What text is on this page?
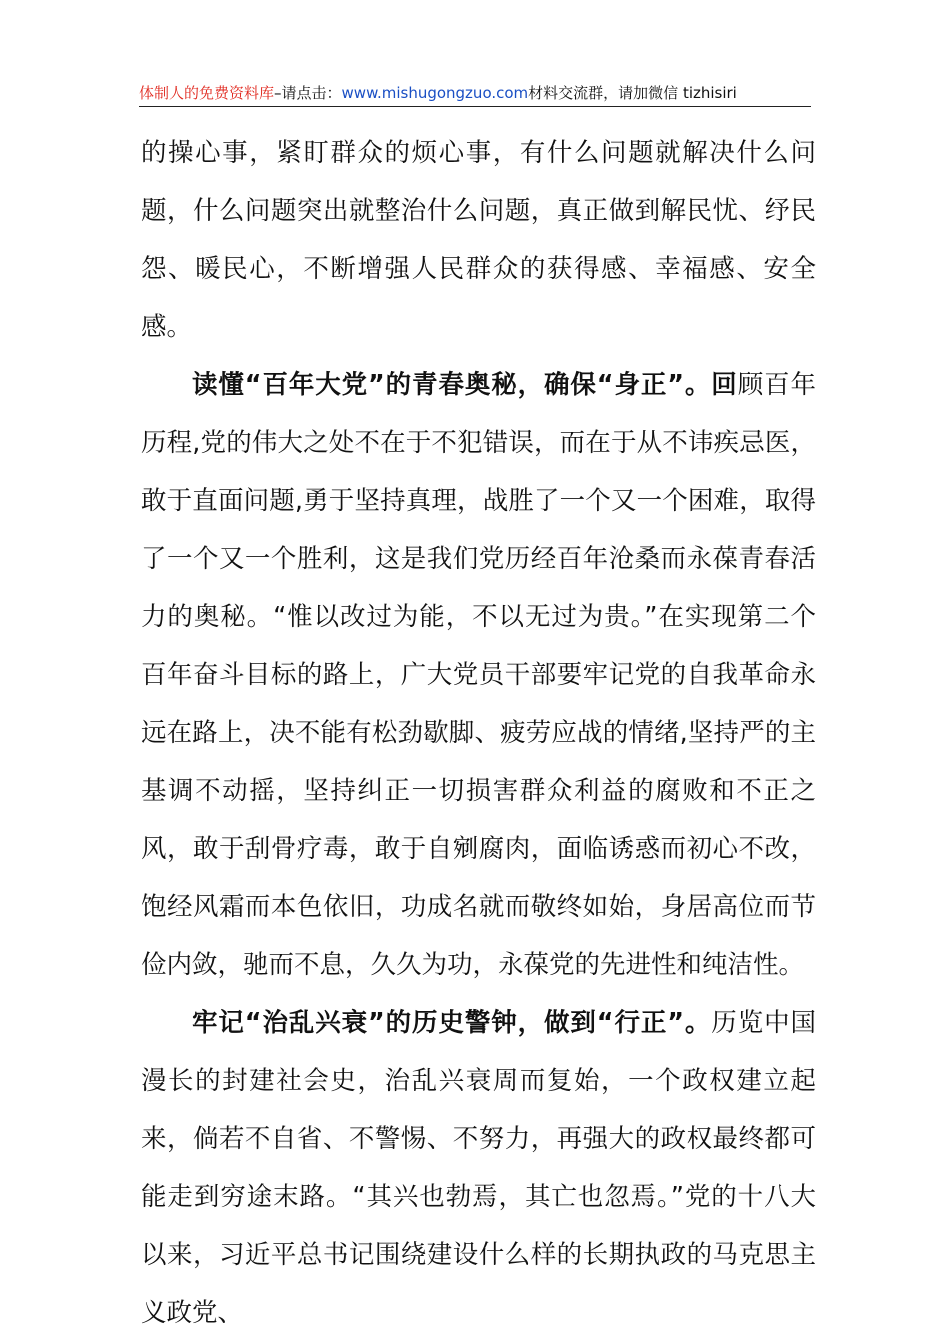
体制人的免费资料库–请点击：www.mishugongzuo.com材料交流群，请加微信 tizhisiri

的操心事，紧盯群众的烦心事，有什么问题就解决什么问题，什么问题突出就整治什么问题，真正做到解民忧、纾民怨、暖民心，不断增强人民群众的获得感、幸福感、安全感。

读懂“百年大党”的青春奥秘，确保“身正”。回顾百年历程,党的伟大之处不在于不犯错误，而在于从不讳疾忌医，敢于直面问题,勇于坚持真理，战胜了一个又一个困难，取得了一个又一个胜利，这是我们党历经百年沧桑而永葆青春活力的奥秘。“惟以改过为能，不以无过为贵。”在实现第二个百年奋斗目标的路上，广大党员干部要牢记党的自我革命永远在路上，决不能有松劲歇脚、疲劳应战的情绪,坚持严的主基调不动摇，坚持纠正一切损害群众利益的腐败和不正之风，敢于刮骨疗毒，敢于自剜腐肉，面临诱惑而初心不改，饱经风霜而本色依旧，功成名就而敬终如始，身居高位而节俭内敛，驰而不息，久久为功，永葆党的先进性和纯洁性。

牢记“治乱兴衰”的历史警钟，做到“行正”。历览中国漫长的封建社会史，治乱兴衰周而复始，一个政权建立起来，倘若不自省、不警惕、不努力，再强大的政权最终都可能走到穷途末路。“其兴也勃焉，其亡也忽焉。”党的十八大以来，习近平总书记围绕建设什么样的长期执政的马克思主义政党、
